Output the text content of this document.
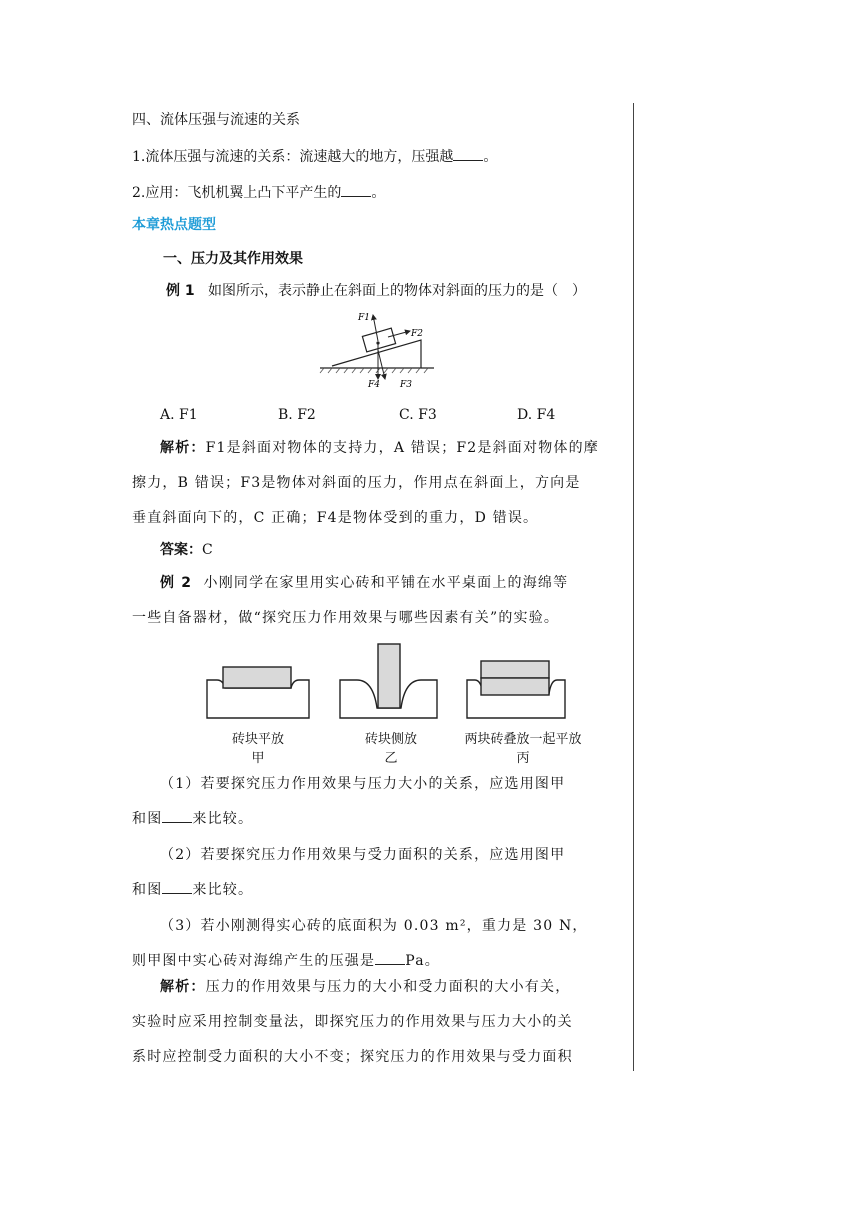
四、流体压强与流速的关系
1.流体压强与流速的关系：流速越大的地方，压强越 。
2.应用：飞机机翼上凸下平产生的 。
本章热点题型
一、压力及其作用效果
例 1 如图所示，表示静止在斜面上的物体对斜面的压力的是（　）
F1
F2
F3
F4
A. F1	B. F2	C. F3	D. F4
解析：F1是斜面对物体的支持力，A 错误；F2是斜面对物体的摩
擦力，B 错误；F3是物体对斜面的压力，作用点在斜面上，方向是
垂直斜面向下的，C 正确；F4是物体受到的重力，D 错误。
答案：C
例 2 小刚同学在家里用实心砖和平铺在水平桌面上的海绵等
一些自备器材，做“探究压力作用效果与哪些因素有关”的实验。
砖块平放
甲
砖块侧放
乙
两块砖叠放一起平放
丙
（1）若要探究压力作用效果与压力大小的关系，应选用图甲
和图 来比较。
（2）若要探究压力作用效果与受力面积的关系，应选用图甲
和图 来比较。
（3）若小刚测得实心砖的底面积为 0.03 m²，重力是 30 N，
则甲图中实心砖对海绵产生的压强是 Pa。
解析：压力的作用效果与压力的大小和受力面积的大小有关，
实验时应采用控制变量法，即探究压力的作用效果与压力大小的关
系时应控制受力面积的大小不变；探究压力的作用效果与受力面积
